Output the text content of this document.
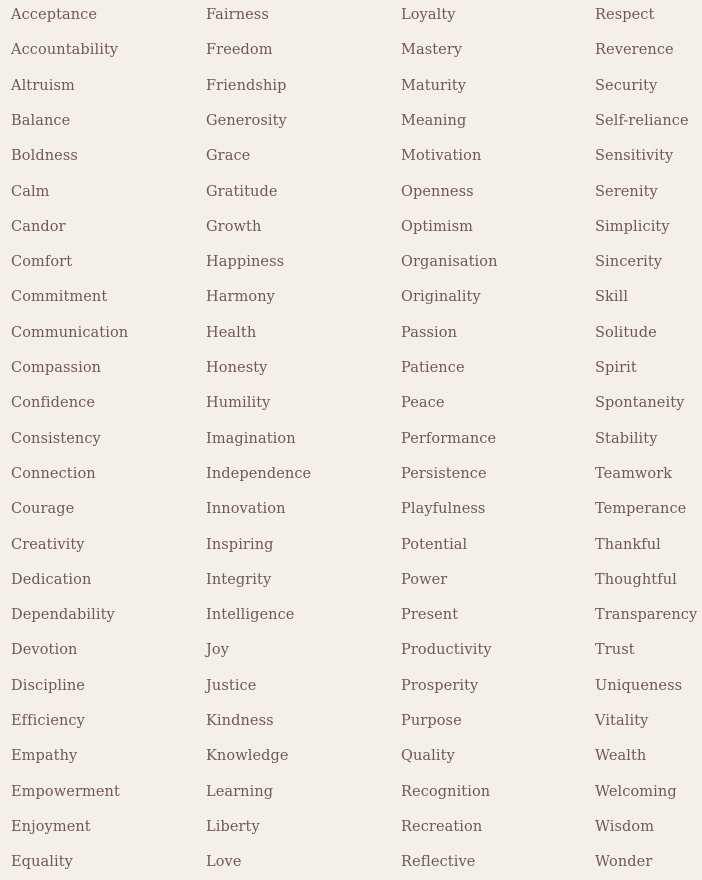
Acceptance
Accountability
Altruism
Balance
Boldness
Calm
Candor
Comfort
Commitment
Communication
Compassion
Confidence
Consistency
Connection
Courage
Creativity
Dedication
Dependability
Devotion
Discipline
Efficiency
Empathy
Empowerment
Enjoyment
Equality
Fairness
Freedom
Friendship
Generosity
Grace
Gratitude
Growth
Happiness
Harmony
Health
Honesty
Humility
Imagination
Independence
Innovation
Inspiring
Integrity
Intelligence
Joy
Justice
Kindness
Knowledge
Learning
Liberty
Love
Loyalty
Mastery
Maturity
Meaning
Motivation
Openness
Optimism
Organisation
Originality
Passion
Patience
Peace
Performance
Persistence
Playfulness
Potential
Power
Present
Productivity
Prosperity
Purpose
Quality
Recognition
Recreation
Reflective
Respect
Reverence
Security
Self-reliance
Sensitivity
Serenity
Simplicity
Sincerity
Skill
Solitude
Spirit
Spontaneity
Stability
Teamwork
Temperance
Thankful
Thoughtful
Transparency
Trust
Uniqueness
Vitality
Wealth
Welcoming
Wisdom
Wonder
